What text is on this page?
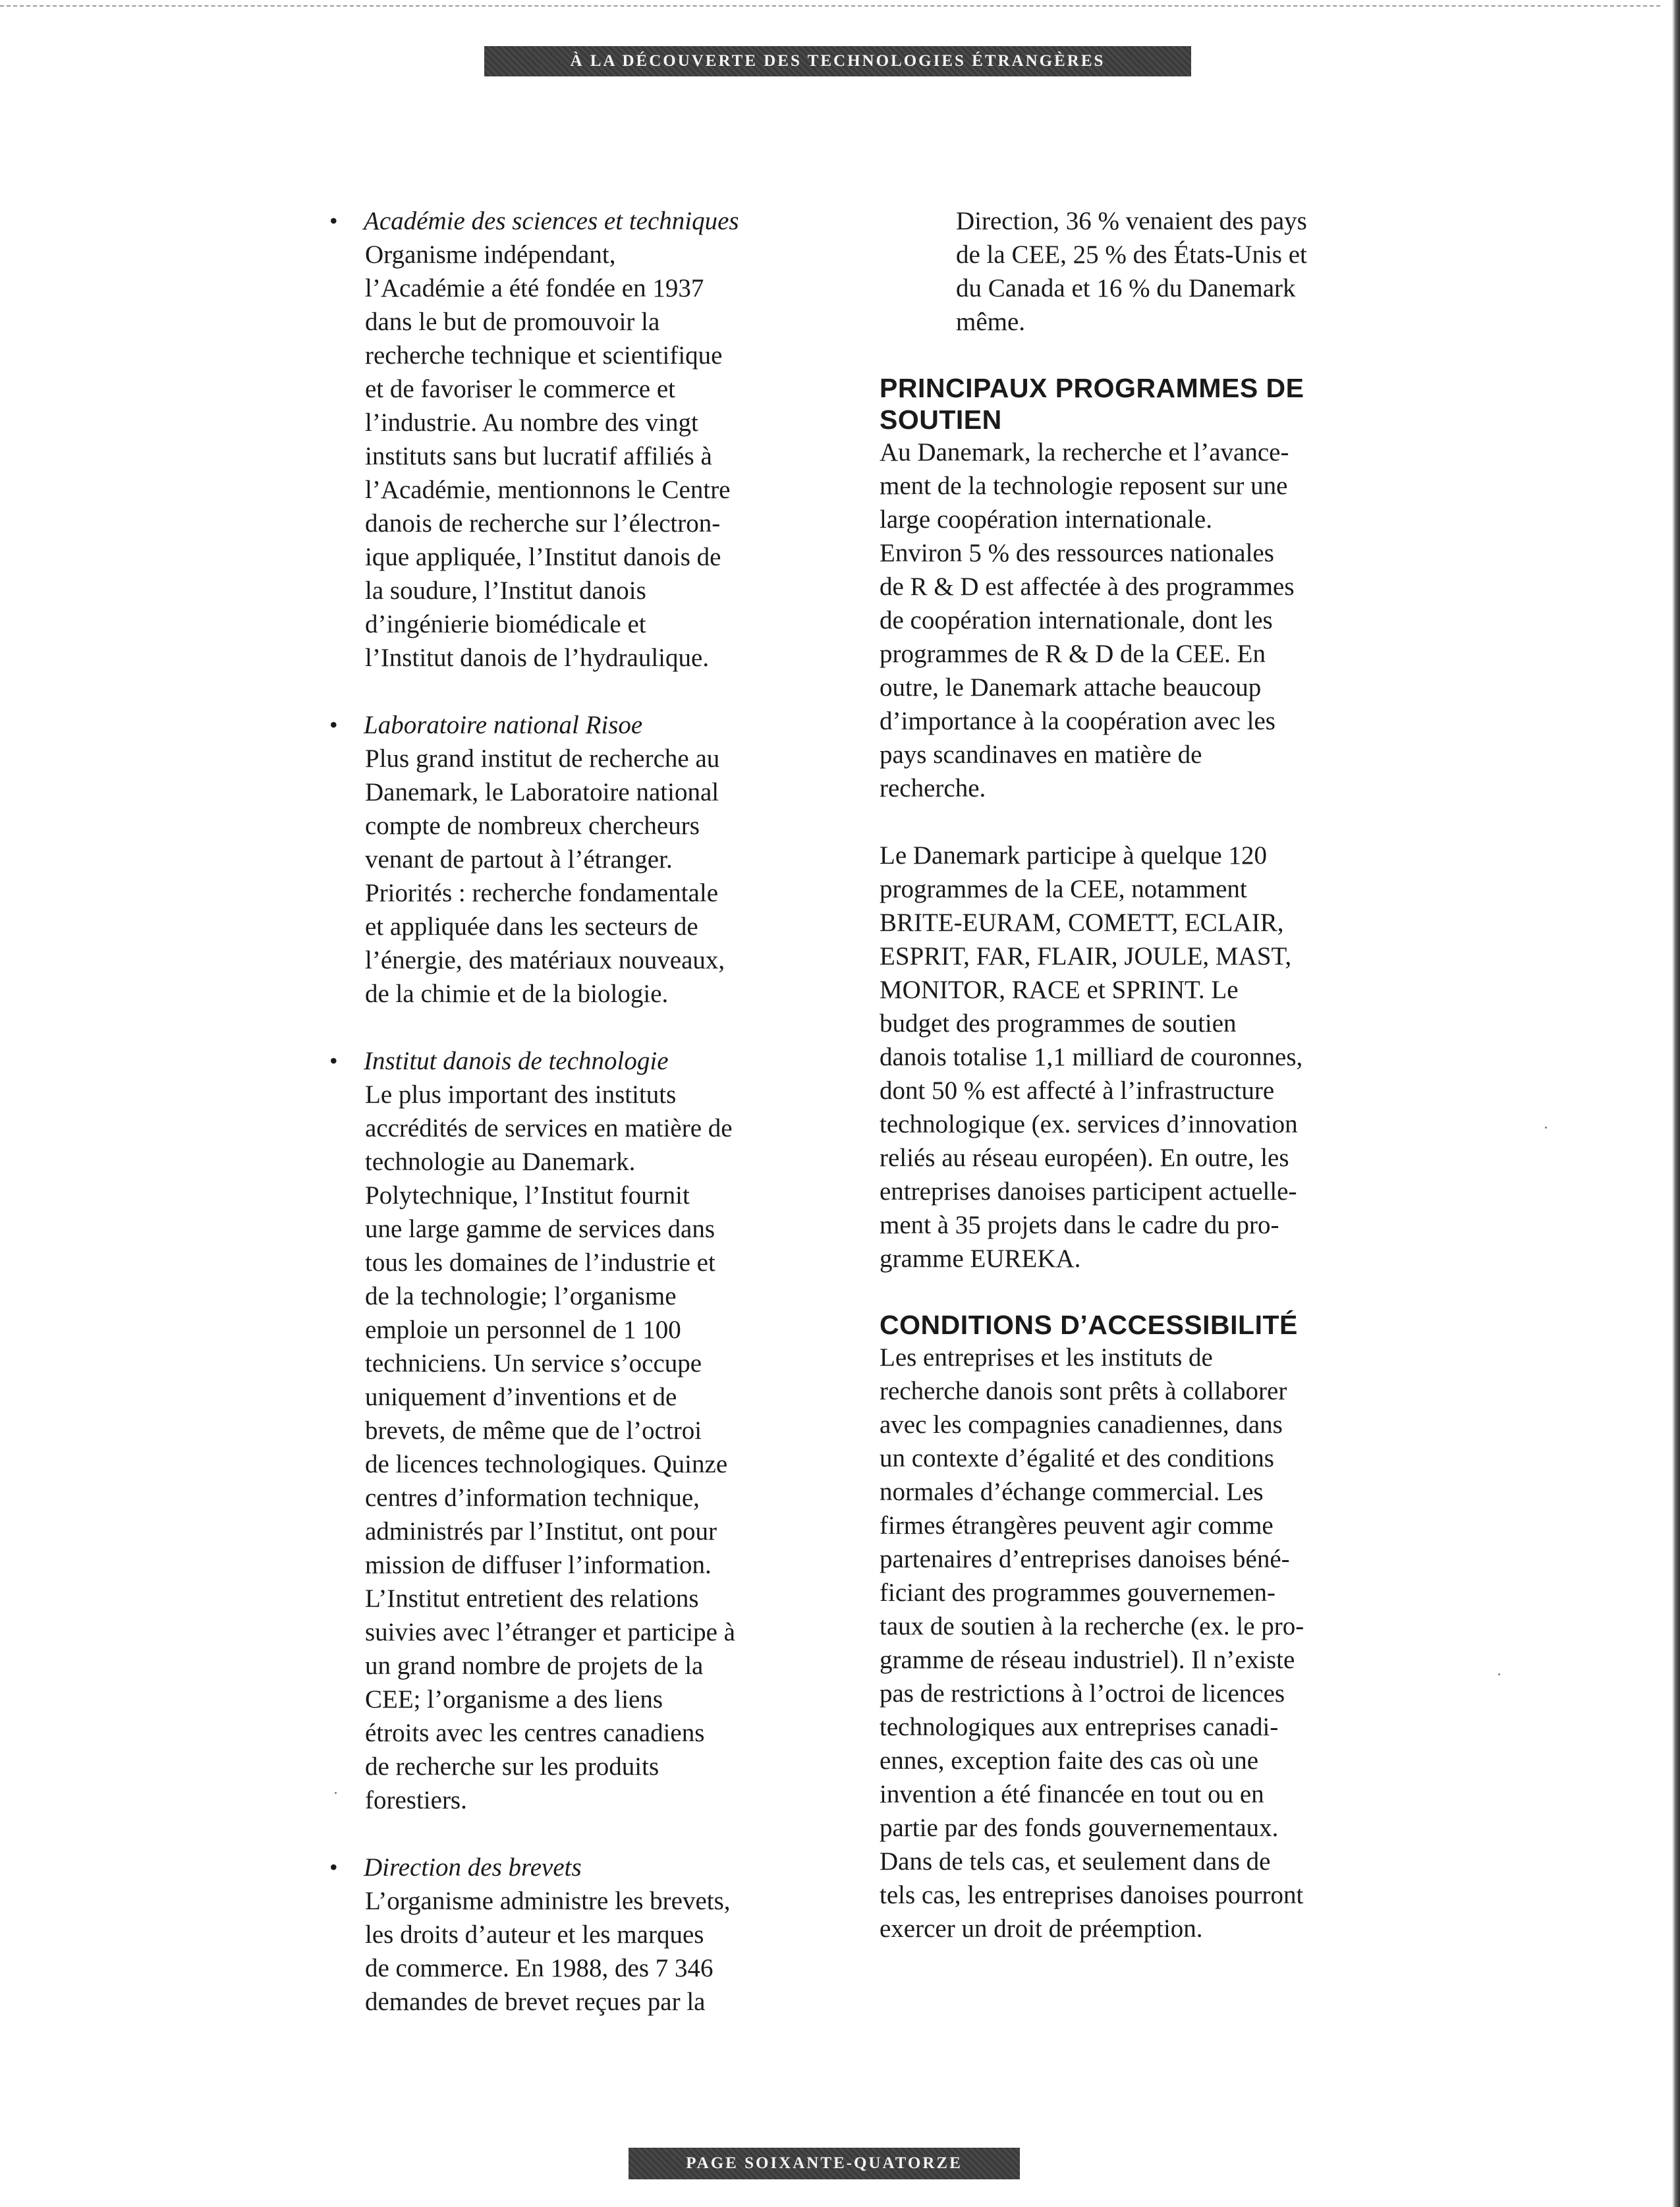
À LA DÉCOUVERTE DES TECHNOLOGIES ÉTRANGÈRES
•	Académie des sciences et techniques
Organisme indépendant,
l’Académie a été fondée en 1937
dans le but de promouvoir la
recherche technique et scientifique
et de favoriser le commerce et
l’industrie. Au nombre des vingt
instituts sans but lucratif affiliés à
l’Académie, mentionnons le Centre
danois de recherche sur l’électron-
ique appliquée, l’Institut danois de
la soudure, l’Institut danois
d’ingénierie biomédicale et
l’Institut danois de l’hydraulique.
•	Laboratoire national Risoe
Plus grand institut de recherche au
Danemark, le Laboratoire national
compte de nombreux chercheurs
venant de partout à l’étranger.
Priorités : recherche fondamentale
et appliquée dans les secteurs de
l’énergie, des matériaux nouveaux,
de la chimie et de la biologie.
•	Institut danois de technologie
Le plus important des instituts
accrédités de services en matière de
technologie au Danemark.
Polytechnique, l’Institut fournit
une large gamme de services dans
tous les domaines de l’industrie et
de la technologie; l’organisme
emploie un personnel de 1 100
techniciens. Un service s’occupe
uniquement d’inventions et de
brevets, de même que de l’octroi
de licences technologiques. Quinze
centres d’information technique,
administrés par l’Institut, ont pour
mission de diffuser l’information.
L’Institut entretient des relations
suivies avec l’étranger et participe à
un grand nombre de projets de la
CEE; l’organisme a des liens
étroits avec les centres canadiens
de recherche sur les produits
forestiers.
•	Direction des brevets
L’organisme administre les brevets,
les droits d’auteur et les marques
de commerce. En 1988, des 7 346
demandes de brevet reçues par la
Direction, 36 % venaient des pays
de la CEE, 25 % des États-Unis et
du Canada et 16 % du Danemark
même.
PRINCIPAUX PROGRAMMES DE
SOUTIEN
Au Danemark, la recherche et l’avance-
ment de la technologie reposent sur une
large coopération internationale.
Environ 5 % des ressources nationales
de R & D est affectée à des programmes
de coopération internationale, dont les
programmes de R & D de la CEE. En
outre, le Danemark attache beaucoup
d’importance à la coopération avec les
pays scandinaves en matière de
recherche.
Le Danemark participe à quelque 120
programmes de la CEE, notamment
BRITE-EURAM, COMETT, ECLAIR,
ESPRIT, FAR, FLAIR, JOULE, MAST,
MONITOR, RACE et SPRINT. Le
budget des programmes de soutien
danois totalise 1,1 milliard de couronnes,
dont 50 % est affecté à l’infrastructure
technologique (ex. services d’innovation
reliés au réseau européen). En outre, les
entreprises danoises participent actuelle-
ment à 35 projets dans le cadre du pro-
gramme EUREKA.
CONDITIONS D’ACCESSIBILITÉ
Les entreprises et les instituts de
recherche danois sont prêts à collaborer
avec les compagnies canadiennes, dans
un contexte d’égalité et des conditions
normales d’échange commercial. Les
firmes étrangères peuvent agir comme
partenaires d’entreprises danoises béné-
ficiant des programmes gouvernemen-
taux de soutien à la recherche (ex. le pro-
gramme de réseau industriel). Il n’existe
pas de restrictions à l’octroi de licences
technologiques aux entreprises canadi-
ennes, exception faite des cas où une
invention a été financée en tout ou en
partie par des fonds gouvernementaux.
Dans de tels cas, et seulement dans de
tels cas, les entreprises danoises pourront
exercer un droit de préemption.
PAGE SOIXANTE-QUATORZE
